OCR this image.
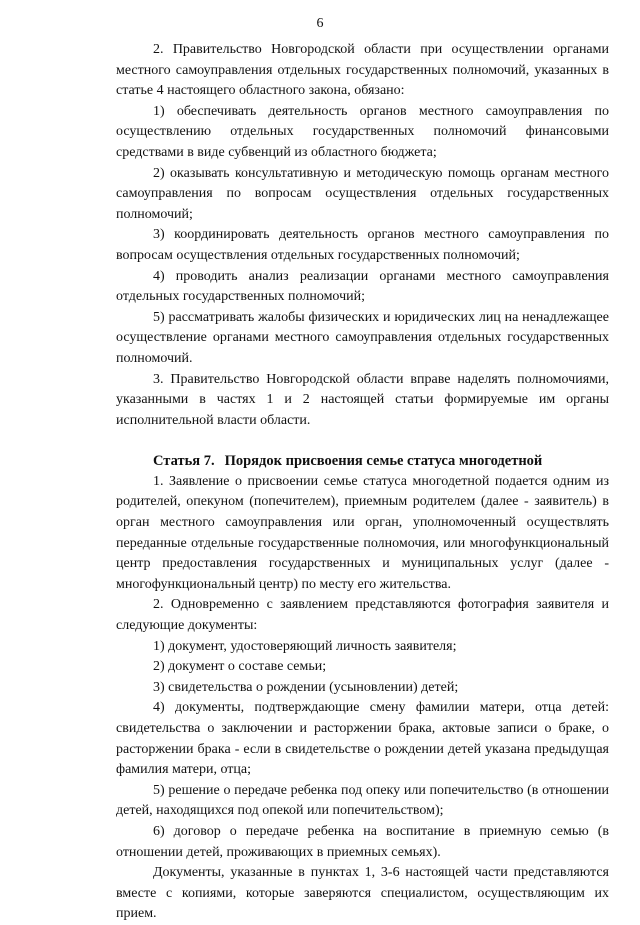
6

2. Правительство Новгородской области при осуществлении органами местного самоуправления отдельных государственных полномочий, указанных в статье 4 настоящего областного закона, обязано:

1) обеспечивать деятельность органов местного самоуправления по осуществлению отдельных государственных полномочий финансовыми средствами в виде субвенций из областного бюджета;

2) оказывать консультативную и методическую помощь органам местного самоуправления по вопросам осуществления отдельных государственных полномочий;

3) координировать деятельность органов местного самоуправления по вопросам осуществления отдельных государственных полномочий;

4) проводить анализ реализации органами местного самоуправления отдельных государственных полномочий;

5) рассматривать жалобы физических и юридических лиц на ненадлежащее осуществление органами местного самоуправления отдельных государственных полномочий.

3. Правительство Новгородской области вправе наделять полномочиями, указанными в частях 1 и 2 настоящей статьи формируемые им органы исполнительной власти области.

Статья 7. Порядок присвоения семье статуса многодетной

1. Заявление о присвоении семье статуса многодетной подается одним из родителей, опекуном (попечителем), приемным родителем (далее - заявитель) в орган местного самоуправления или орган, уполномоченный осуществлять переданные отдельные государственные полномочия, или многофункциональный центр предоставления государственных и муниципальных услуг (далее - многофункциональный центр) по месту его жительства.

2. Одновременно с заявлением представляются фотография заявителя и следующие документы:

1) документ, удостоверяющий личность заявителя;

2) документ о составе семьи;

3) свидетельства о рождении (усыновлении) детей;

4) документы, подтверждающие смену фамилии матери, отца детей: свидетельства о заключении и расторжении брака, актовые записи о браке, о расторжении брака - если в свидетельстве о рождении детей указана предыдущая фамилия матери, отца;

5) решение о передаче ребенка под опеку или попечительство (в отношении детей, находящихся под опекой или попечительством);

6) договор о передаче ребенка на воспитание в приемную семью (в отношении детей, проживающих в приемных семьях).

Документы, указанные в пунктах 1, 3-6 настоящей части представляются вместе с копиями, которые заверяются специалистом, осуществляющим их прием.
